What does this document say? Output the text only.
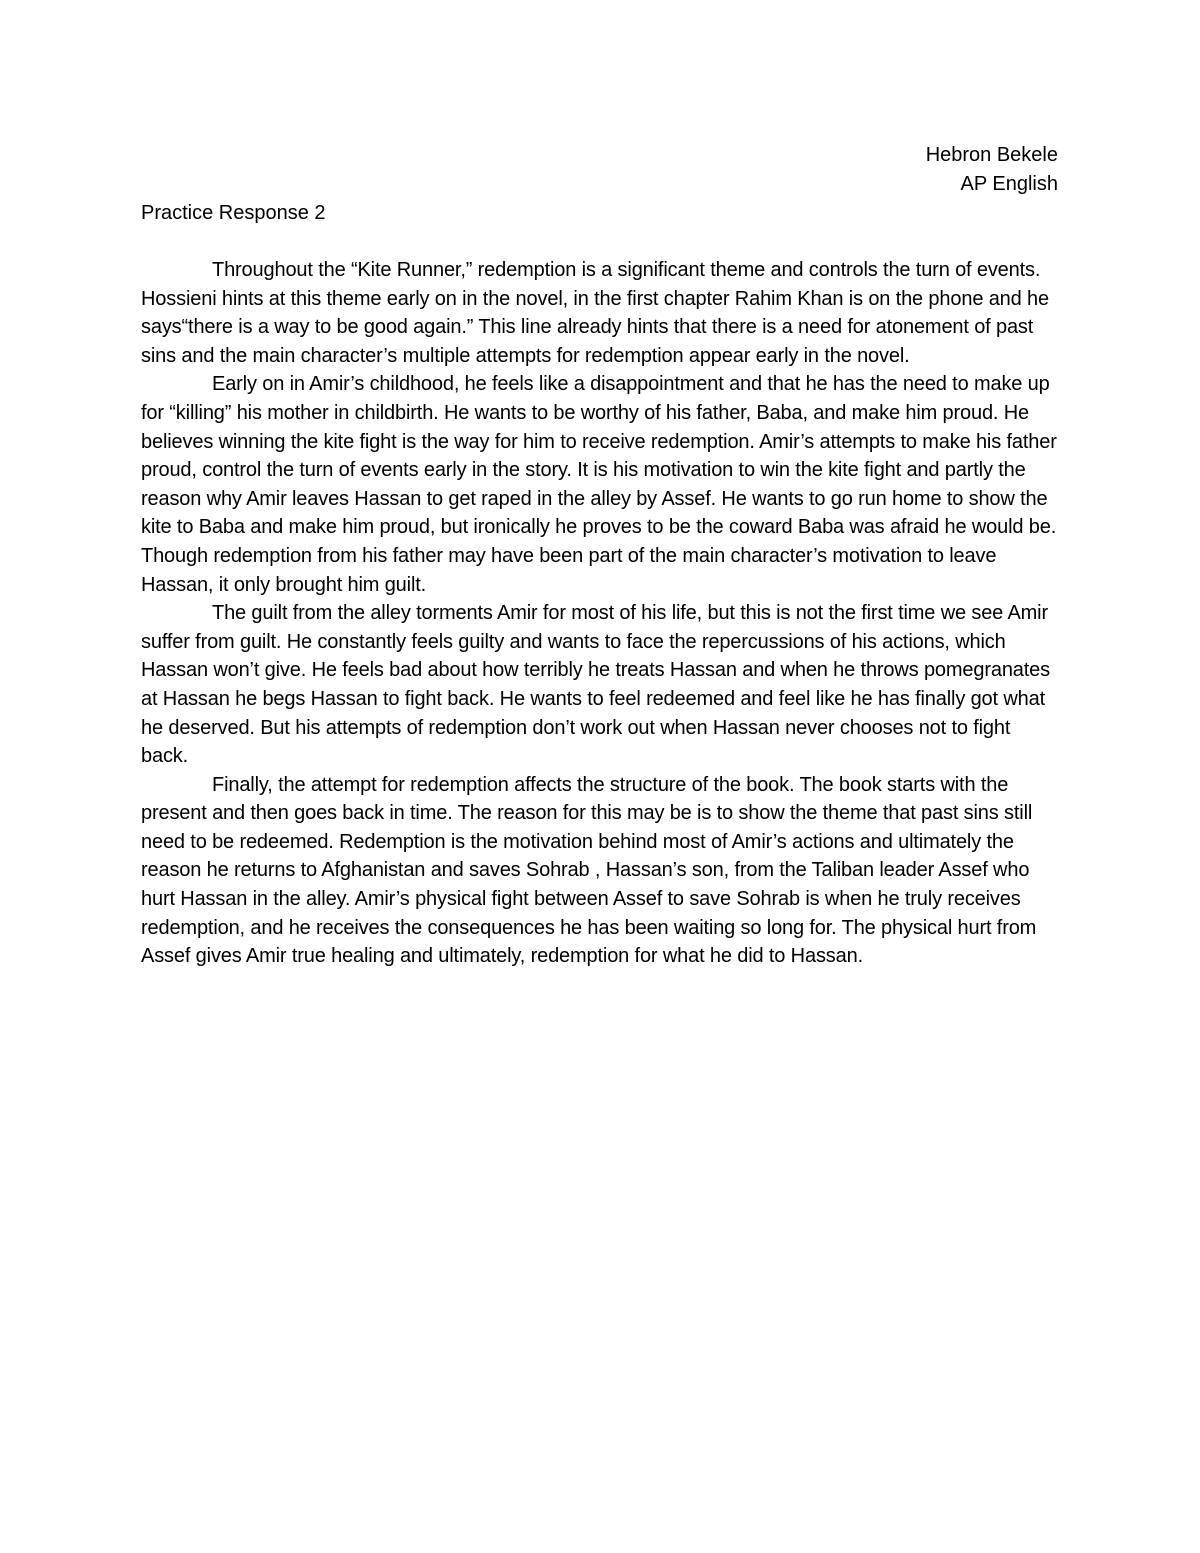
Hebron Bekele
AP English
Practice Response 2

Throughout the “Kite Runner,” redemption is a significant theme and controls the turn of events. Hossieni hints at this theme early on in the novel, in the first chapter Rahim Khan is on the phone and he says“there is a way to be good again.” This line already hints that there is a need for atonement of past sins and the main character’s multiple attempts for redemption appear early in the novel.

Early on in Amir’s childhood, he feels like a disappointment and that he has the need to make up for “killing” his mother in childbirth. He wants to be worthy of his father, Baba, and make him proud. He believes winning the kite fight is the way for him to receive redemption. Amir’s attempts to make his father proud, control the turn of events early in the story. It is his motivation to win the kite fight and partly the reason why Amir leaves Hassan to get raped in the alley by Assef. He wants to go run home to show the kite to Baba and make him proud, but ironically he proves to be the coward Baba was afraid he would be. Though redemption from his father may have been part of the main character’s motivation to leave Hassan, it only brought him guilt.

The guilt from the alley torments Amir for most of his life, but this is not the first time we see Amir suffer from guilt. He constantly feels guilty and wants to face the repercussions of his actions, which Hassan won’t give. He feels bad about how terribly he treats Hassan and when he throws pomegranates at Hassan he begs Hassan to fight back. He wants to feel redeemed and feel like he has finally got what he deserved. But his attempts of redemption don’t work out when Hassan never chooses not to fight back.

Finally, the attempt for redemption affects the structure of the book. The book starts with the present and then goes back in time. The reason for this may be is to show the theme that past sins still need to be redeemed. Redemption is the motivation behind most of Amir’s actions and ultimately the reason he returns to Afghanistan and saves Sohrab , Hassan’s son, from the Taliban leader Assef who hurt Hassan in the alley. Amir’s physical fight between Assef to save Sohrab is when he truly receives redemption, and he receives the consequences he has been waiting so long for. The physical hurt from Assef gives Amir true healing and ultimately, redemption for what he did to Hassan.
